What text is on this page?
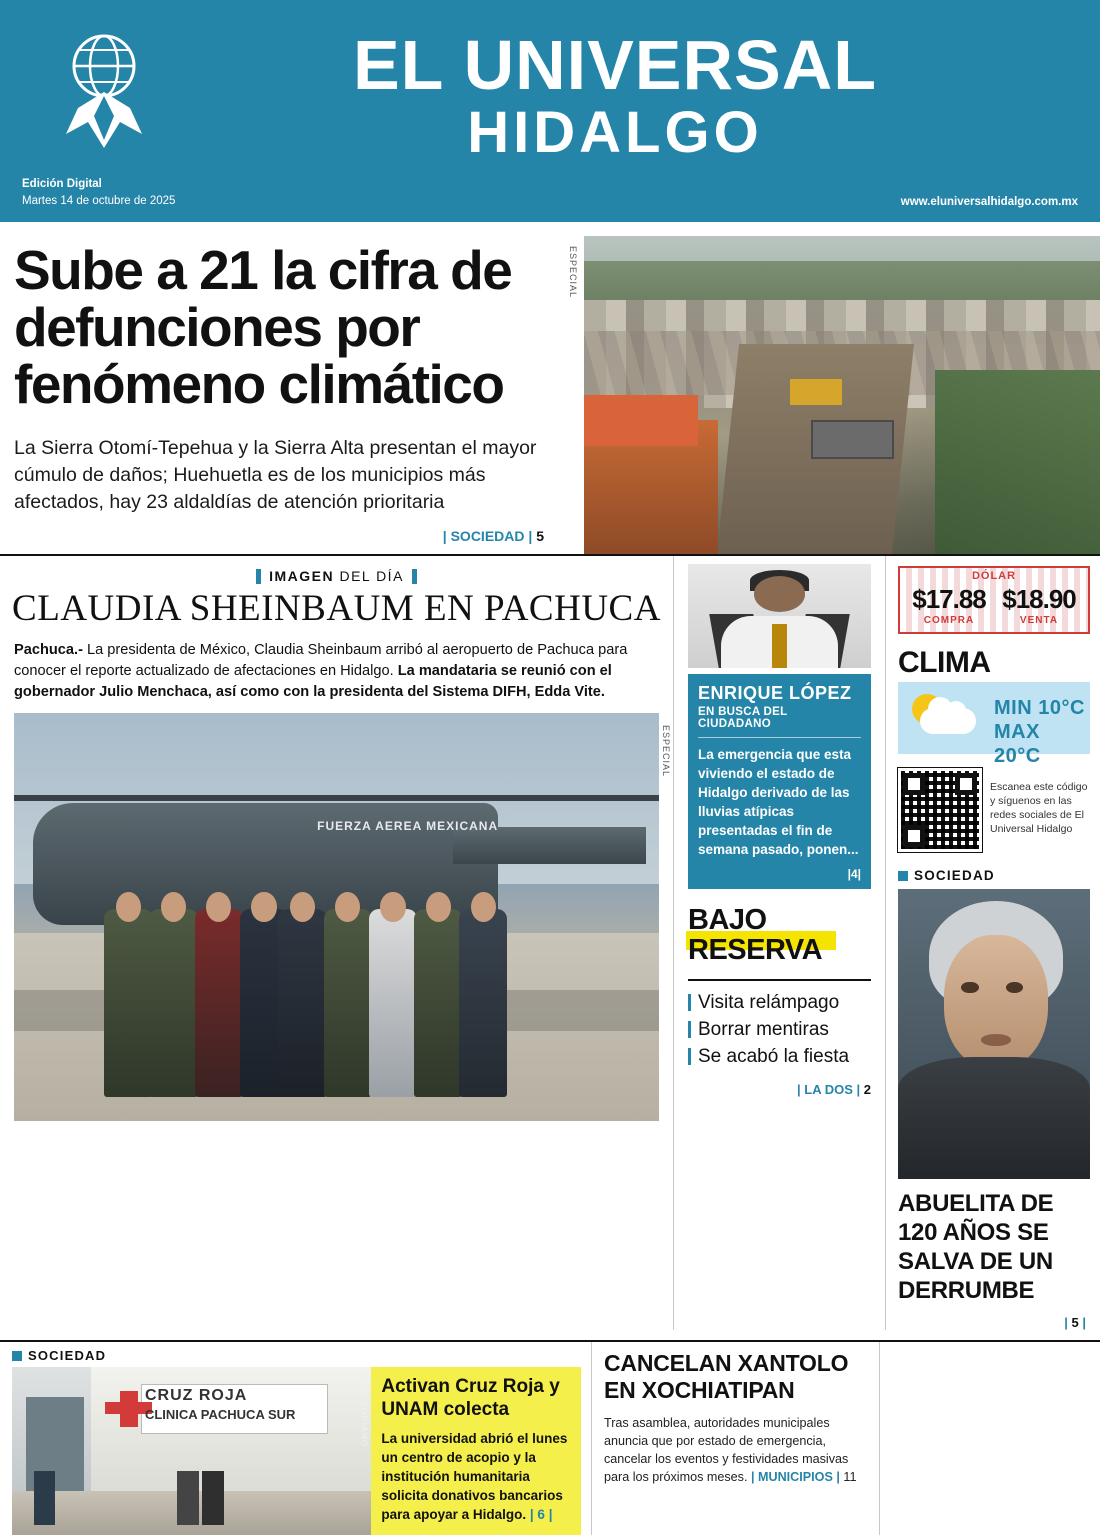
EL UNIVERSAL
HIDALGO
Edición Digital
Martes 14 de octubre de 2025	www.eluniversalhidalgo.com.mx
Sube a 21 la cifra de defunciones por fenómeno climático
La Sierra Otomí-Tepehua y la Sierra Alta presentan el mayor cúmulo de daños; Huehuetla es de los municipios más afectados, hay 23 aldaldías de atención prioritaria
| SOCIEDAD | 5
ESPECIAL
IMAGEN DEL DÍA
CLAUDIA SHEINBAUM EN PACHUCA
Pachuca.- La presidenta de México, Claudia Sheinbaum arribó al aeropuerto de Pachuca para conocer el reporte actualizado de afectaciones en Hidalgo. La mandataria se reunió con el gobernador Julio Menchaca, así como con la presidenta del Sistema DIFH, Edda Vite.
FUERZA AEREA MEXICANA
ESPECIAL
ENRIQUE LÓPEZ
EN BUSCA DEL CIUDADANO
La emergencia que esta viviendo el estado de Hidalgo derivado de las lluvias atípicas presentadas el fin de semana pasado, ponen...
|4|
BAJO
RESERVA
Visita relámpago
Borrar mentiras
Se acabó la fiesta
| LA DOS | 2
DÓLAR
$17.88
COMPRA
$18.90
VENTA
CLIMA
MIN 10°C
MAX 20°C
Escanea este código y síguenos en las redes sociales de El Universal Hidalgo
SOCIEDAD
ABUELITA DE 120 AÑOS SE SALVA DE UN DERRUMBE
| 5 |
SOCIEDAD
CRUZ ROJA
CLINICA PACHUCA SUR	LUIS SORIANO Activan Cruz Roja y UNAM colecta
La universidad abrió el lunes un centro de acopio y la institución humanitaria solicita donativos bancarios para apoyar a Hidalgo. | 6 |
CANCELAN XANTOLO EN XOCHIATIPAN
Tras asamblea, autoridades municipales anuncia que por estado de emergencia, cancelar los eventos y festividades masivas para los próximos meses. | MUNICIPIOS | 11
